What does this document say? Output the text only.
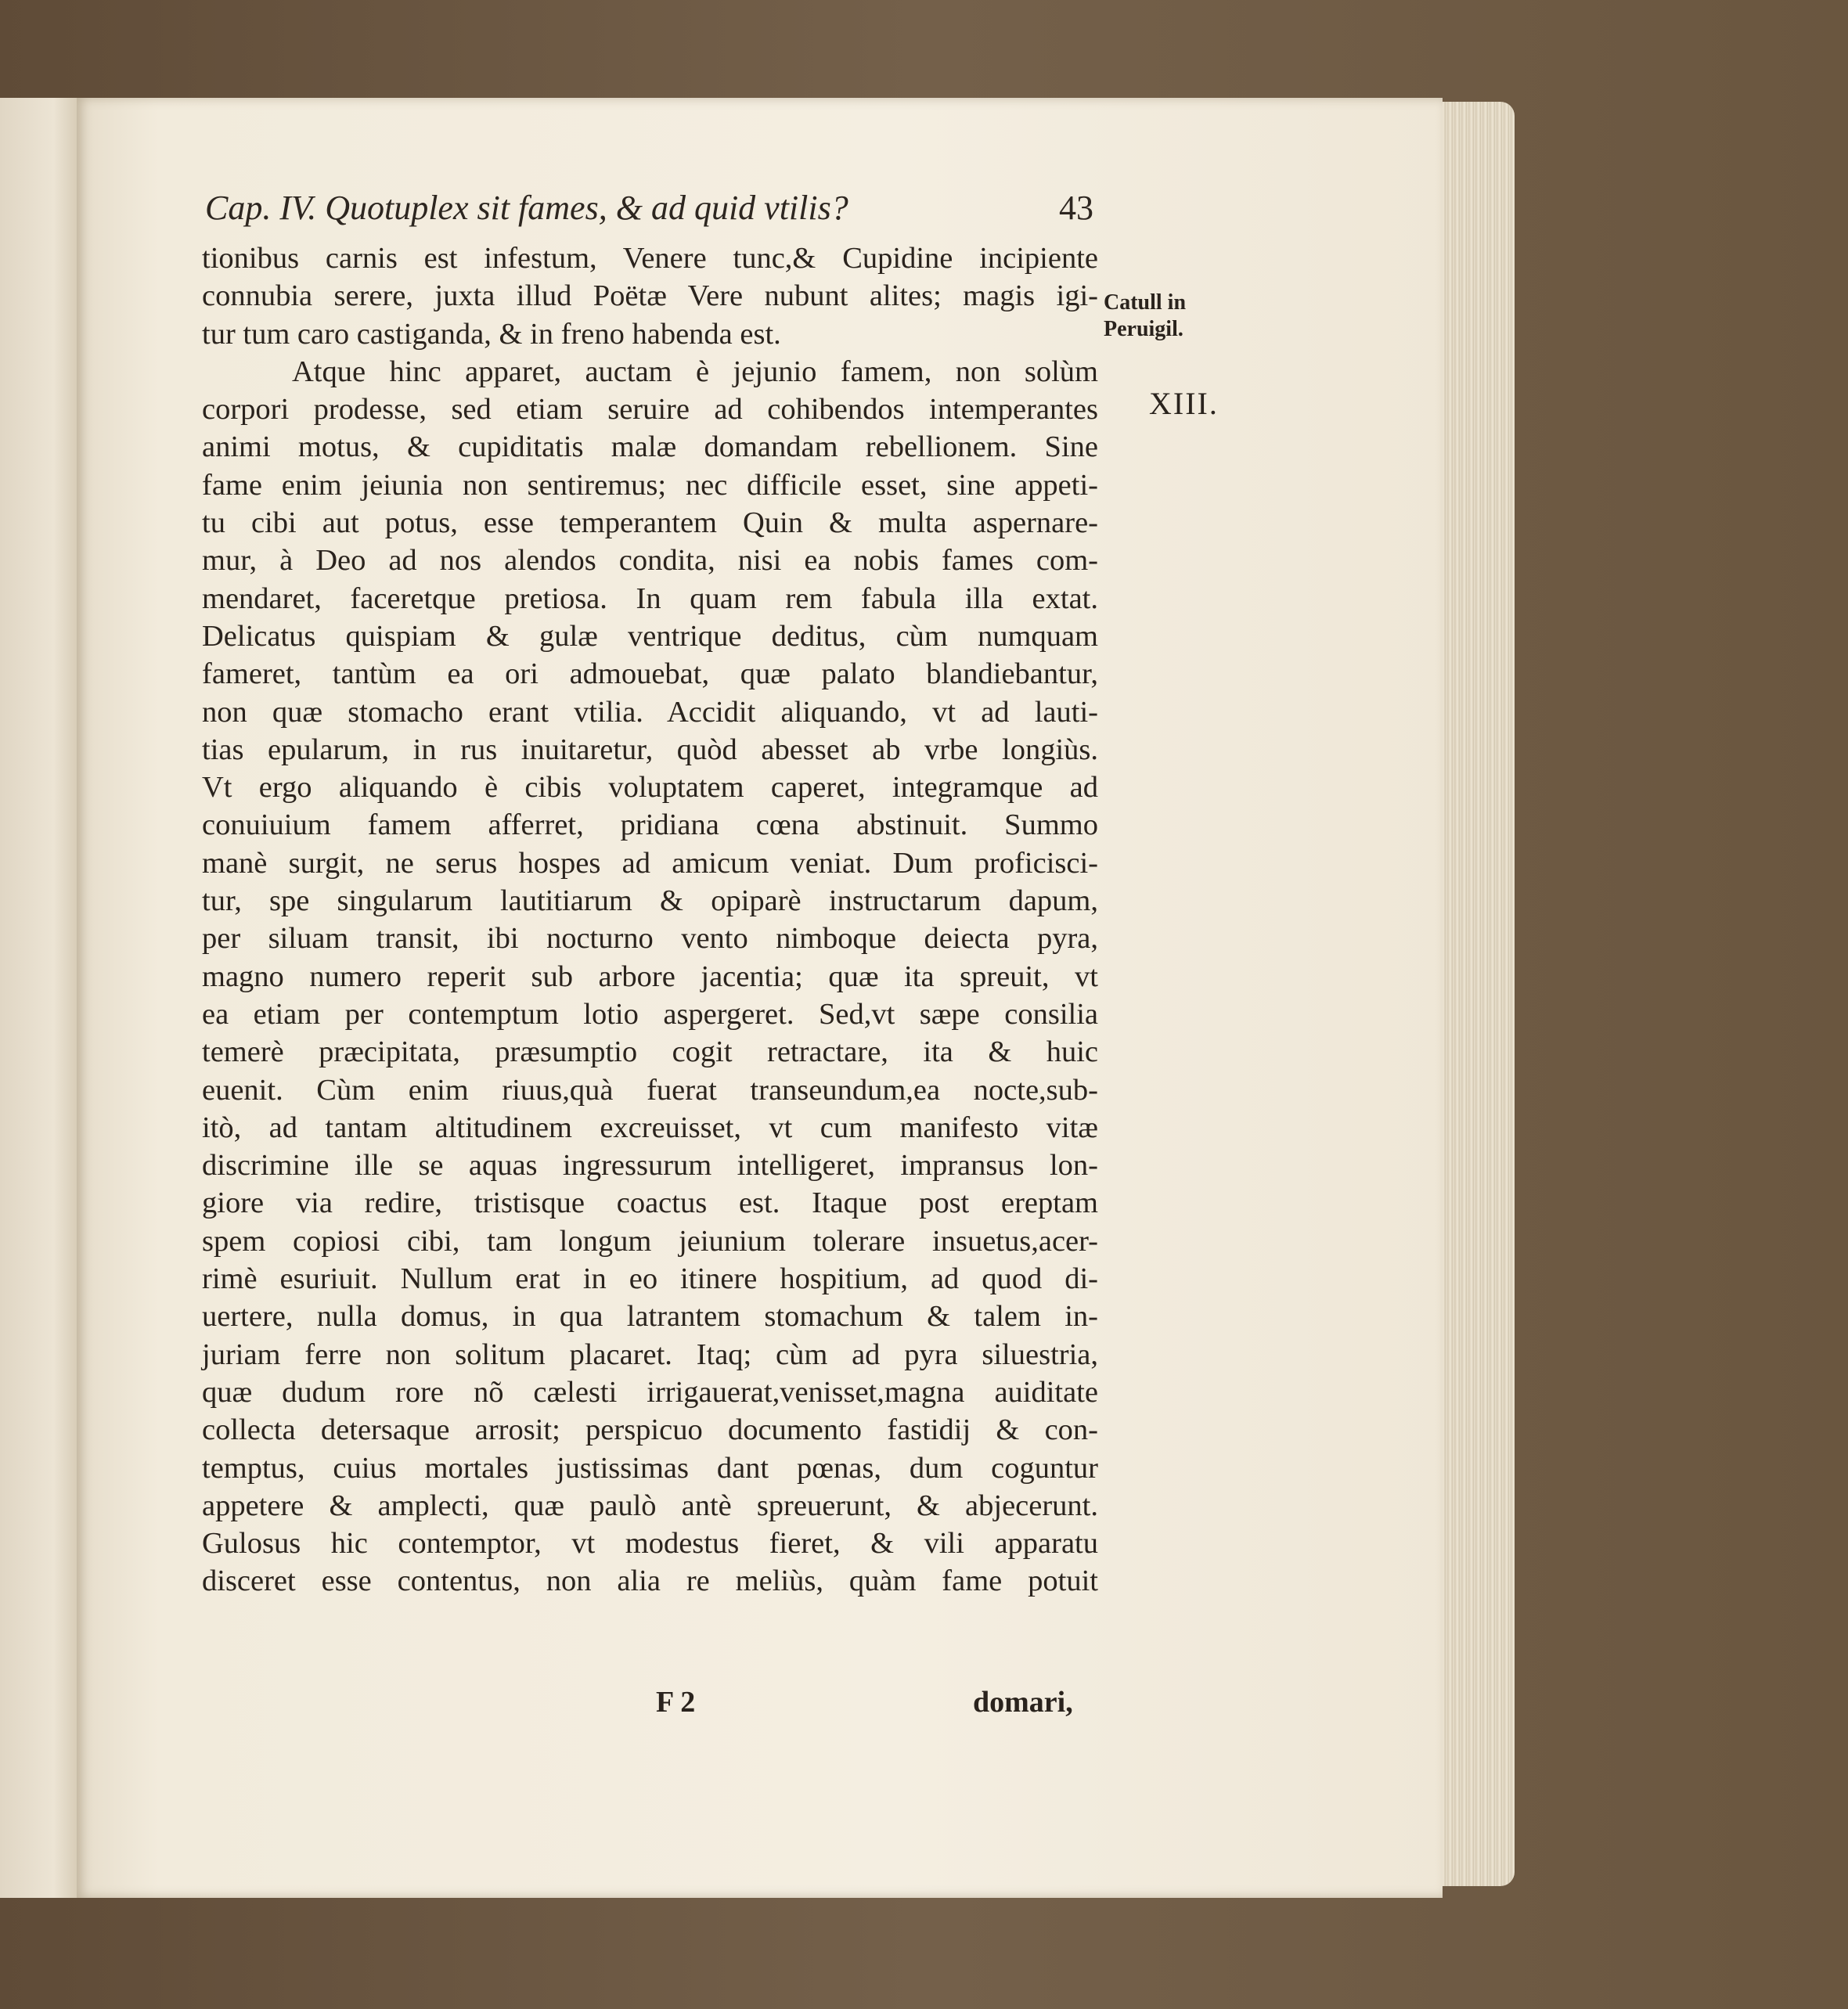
Cap. IV. Quotuplex sit fames, & ad quid vtilis?	43
Catull in
Peruigil.
XIII.
tionibus carnis est infestum, Venere tunc,& Cupidine incipiente
connubia serere, juxta illud Poëtæ Vere nubunt alites; magis igi-
tur tum caro castiganda, & in freno habenda est.
Atque hinc apparet, auctam è jejunio famem, non solùm
corpori prodesse, sed etiam seruire ad cohibendos intemperantes
animi motus, & cupiditatis malæ domandam rebellionem. Sine
fame enim jeiunia non sentiremus; nec difficile esset, sine appeti-
tu cibi aut potus, esse temperantem Quin & multa aspernare-
mur, à Deo ad nos alendos condita, nisi ea nobis fames com-
mendaret, faceretque pretiosa. In quam rem fabula illa extat.
Delicatus quispiam & gulæ ventrique deditus, cùm numquam
fameret, tantùm ea ori admouebat, quæ palato blandiebantur,
non quæ stomacho erant vtilia. Accidit aliquando, vt ad lauti-
tias epularum, in rus inuitaretur, quòd abesset ab vrbe longiùs.
Vt ergo aliquando è cibis voluptatem caperet, integramque ad
conuiuium famem afferret, pridiana cœna abstinuit. Summo
manè surgit, ne serus hospes ad amicum veniat. Dum proficisci-
tur, spe singularum lautitiarum & opiparè instructarum dapum,
per siluam transit, ibi nocturno vento nimboque deiecta pyra,
magno numero reperit sub arbore jacentia; quæ ita spreuit, vt
ea etiam per contemptum lotio aspergeret. Sed,vt sæpe consilia
temerè præcipitata, præsumptio cogit retractare, ita & huic
euenit. Cùm enim riuus,quà fuerat transeundum,ea nocte,sub-
itò, ad tantam altitudinem excreuisset, vt cum manifesto vitæ
discrimine ille se aquas ingressurum intelligeret, impransus lon-
giore via redire, tristisque coactus est. Itaque post ereptam
spem copiosi cibi, tam longum jeiunium tolerare insuetus,acer-
rimè esuriuit. Nullum erat in eo itinere hospitium, ad quod di-
uertere, nulla domus, in qua latrantem stomachum & talem in-
juriam ferre non solitum placaret. Itaq; cùm ad pyra siluestria,
quæ dudum rore nõ cælesti irrigauerat,venisset,magna auiditate
collecta detersaque arrosit; perspicuo documento fastidij & con-
temptus, cuius mortales justissimas dant pœnas, dum coguntur
appetere & amplecti, quæ paulò antè spreuerunt, & abjecerunt.
Gulosus hic contemptor, vt modestus fieret, & vili apparatu
disceret esse contentus, non alia re meliùs, quàm fame potuit
F 2	domari,
